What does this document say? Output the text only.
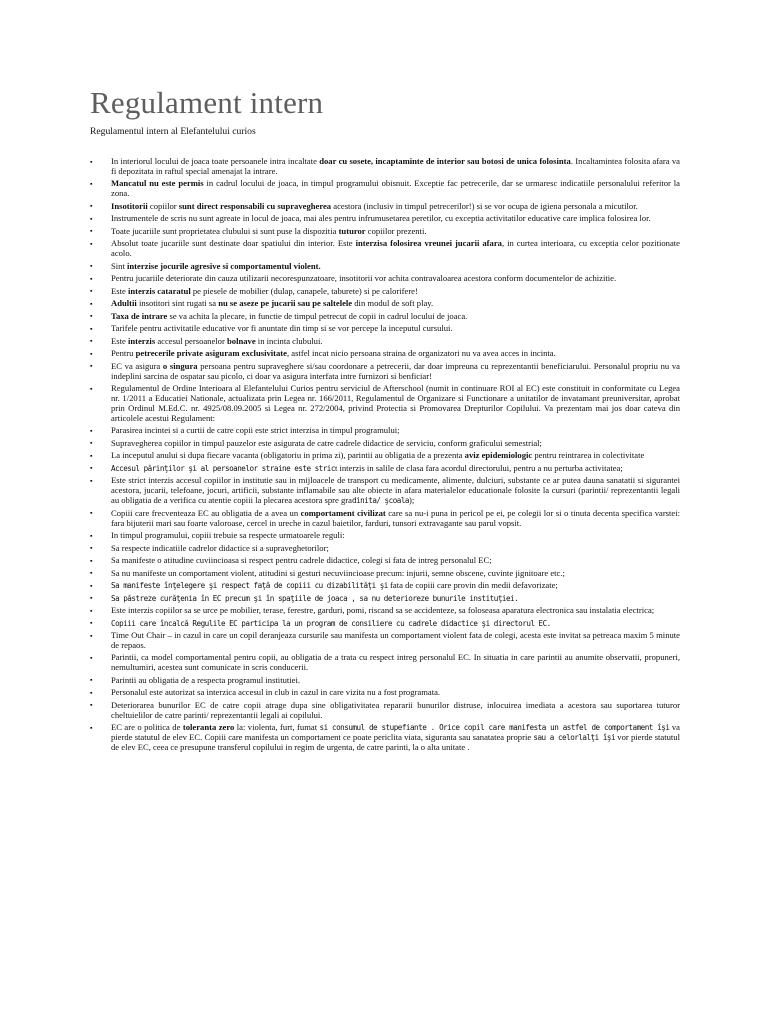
Regulament intern
Regulamentul intern al Elefantelului curios
▪ In interiorul locului de joaca toate persoanele intra incaltate doar cu sosete, incaptaminte de interior sau botosi de unica folosinta. Incaltamintea folosita afara va fi depozitata in raftul special amenajat la intrare.
▪ Mancatul nu este permis in cadrul locului de joaca, in timpul programului obisnuit. Exceptie fac petrecerile, dar se urmaresc indicatiile personalului referitor la zona.
▪ Insotitorii copiilor sunt direct responsabili cu supravegherea acestora (inclusiv in timpul petrecerilor!) si se vor ocupa de igiena personala a micutilor.
▪ Instrumentele de scris nu sunt agreate in locul de joaca, mai ales pentru infrumusetarea peretilor, cu exceptia activitatilor educative care implica folosirea lor.
▪ Toate jucariile sunt proprietatea clubului si sunt puse la dispozitia tuturor copiilor prezenti.
▪ Absolut toate jucariile sunt destinate doar spatiului din interior. Este interzisa folosirea vreunei jucarii afara, in curtea interioara, cu exceptia celor pozitionate acolo.
▪ Sint interzise jocurile agresive si comportamentul violent.
▪ Pentru jucariile deteriorate din cauza utilizarii necorespunzatoare, insotitorii vor achita contravaloarea acestora conform documentelor de achizitie.
▪ Este interzis cataratul pe piesele de mobilier (dulap, canapele, taburete) si pe calorifere!
▪ Adultii insotitori sint rugati sa nu se aseze pe jucarii sau pe saltelele din modul de soft play.
▪ Taxa de intrare se va achita la plecare, in functie de timpul petrecut de copii in cadrul locului de joaca.
▪ Tarifele pentru activitatile educative vor fi anuntate din timp si se vor percepe la inceputul cursului.
▪ Este interzis accesul persoanelor bolnave in incinta clubului.
▪ Pentru petrecerile private asiguram exclusivitate, astfel incat nicio persoana straina de organizatori nu va avea acces in incinta.
▪ EC va asigura o singura persoana pentru supraveghere si/sau coordonare a petrecerii, dar doar impreuna cu reprezentantii beneficiarului. Personalul propriu nu va indeplini sarcina de ospatar sau picolo, ci doar va asigura interfata intre furnizori si benficiar!
▪ Regulamentul de Ordine Interioara al Elefantelului Curios pentru serviciul de Afterschool (numit in continuare ROI al EC) este constituit in conformitate cu Legea nr. 1/2011 a Educatiei Nationale, actualizata prin Legea nr. 166/2011, Regulamentul de Organizare si Functionare a unitatilor de invatamant preuniversitar, aprobat prin Ordinul M.Ed.C. nr. 4925/08.09.2005 si Legea nr. 272/2004, privind Protectia si Promovarea Drepturilor Copilului. Va prezentam mai jos doar cateva din articolele acestui Regulament:
▪ Parasirea incintei si a curtii de catre copii este strict interzisa in timpul programului;
▪ Supravegherea copiilor in timpul pauzelor este asigurata de catre cadrele didactice de serviciu, conform graficului semestrial;
▪ La inceputul anului si dupa fiecare vacanta (obligatoriu in prima zi), parintii au obligatia de a prezenta aviz epidemiologic pentru reintrarea in colectivitate
▪ Accesul părinţilor şi al persoanelor straine este strict interzis in salile de clasa fara acordul directorului, pentru a nu perturba activitatea;
▪ Este strict interzis accesul copiilor in institutie sau in mijloacele de transport cu medicamente, alimente, dulciuri, substante ce ar putea dauna sanatatii si sigurantei acestora, jucarii, telefoane, jocuri, artificii, substante inflamabile sau alte obiecte in afara materialelor educationale folosite la cursuri (parintii/ reprezentantii legali au obligatia de a verifica cu atentie copiii la plecarea acestora spre gradinita/ şcoala);
▪ Copiii care frecventeaza EC au obligatia de a avea un comportament civilizat care sa nu-i puna in pericol pe ei, pe colegii lor si o tinuta decenta specifica varstei: fara bijuterii mari sau foarte valoroase, cercel in ureche in cazul baietilor, farduri, tunsori extravagante sau parul vopsit.
▪ In timpul programului, copiii trebuie sa respecte urmatoarele reguli:
▪ Sa respecte indicatiile cadrelor didactice si a supraveghetorilor;
▪ Sa manifeste o atitudine cuviincioasa si respect pentru cadrele didactice, colegi si fata de intreg personalul EC;
▪ Sa nu manifeste un comportament violent, atitudini si gesturi necuviincioase precum: injurii, semne obscene, cuvinte jignitoare etc.;
▪ Sa manifeste înţelegere şi respect faţă de copiii cu dizabilităţi şi fata de copiii care provin din medii defavorizate;
▪ Sa păstreze curăţenia în EC precum şi în spaţiile de joaca , sa nu deterioreze bunurile instituţiei.
▪ Este interzis copiilor sa se urce pe mobilier, terase, ferestre, garduri, pomi, riscand sa se accidenteze, sa foloseasa aparatura electronica sau instalatia electrica;
▪ Copiii care încalcă Regulile EC participa la un program de consiliere cu cadrele didactice şi directorul EC.
▪ Time Out Chair – in cazul in care un copil deranjeaza cursurile sau manifesta un comportament violent fata de colegi, acesta este invitat sa petreaca maxim 5 minute de repaos.
▪ Parintii, ca model comportamental pentru copii, au obligatia de a trata cu respect intreg personalul EC. In situatia in care parintii au anumite observatii, propuneri, nemultumiri, acestea sunt comunicate in scris conducerii.
▪ Parintii au obligatia de a respecta programul institutiei.
▪ Personalul este autorizat sa interzica accesul in club in cazul in care vizita nu a fost programata.
▪ Deteriorarea bunurilor EC de catre copii atrage dupa sine obligativitatea repararii bunurilor distruse, inlocuirea imediata a acestora sau suportarea tuturor cheltuielilor de catre parinti/ reprezentantii legali ai copilului.
▪ EC are o politica de toleranta zero la: violenta, furt, fumat si consumul de stupefiante . Orice copil care manifesta un astfel de comportament îşi va pierde statutul de elev EC. Copiii care manifesta un comportament ce poate periclita viata, siguranta sau sanatatea proprie sau a celorlalţi îşi vor pierde statutul de elev EC, ceea ce presupune transferul copilului in regim de urgenta, de catre parinti, la o alta unitate .
